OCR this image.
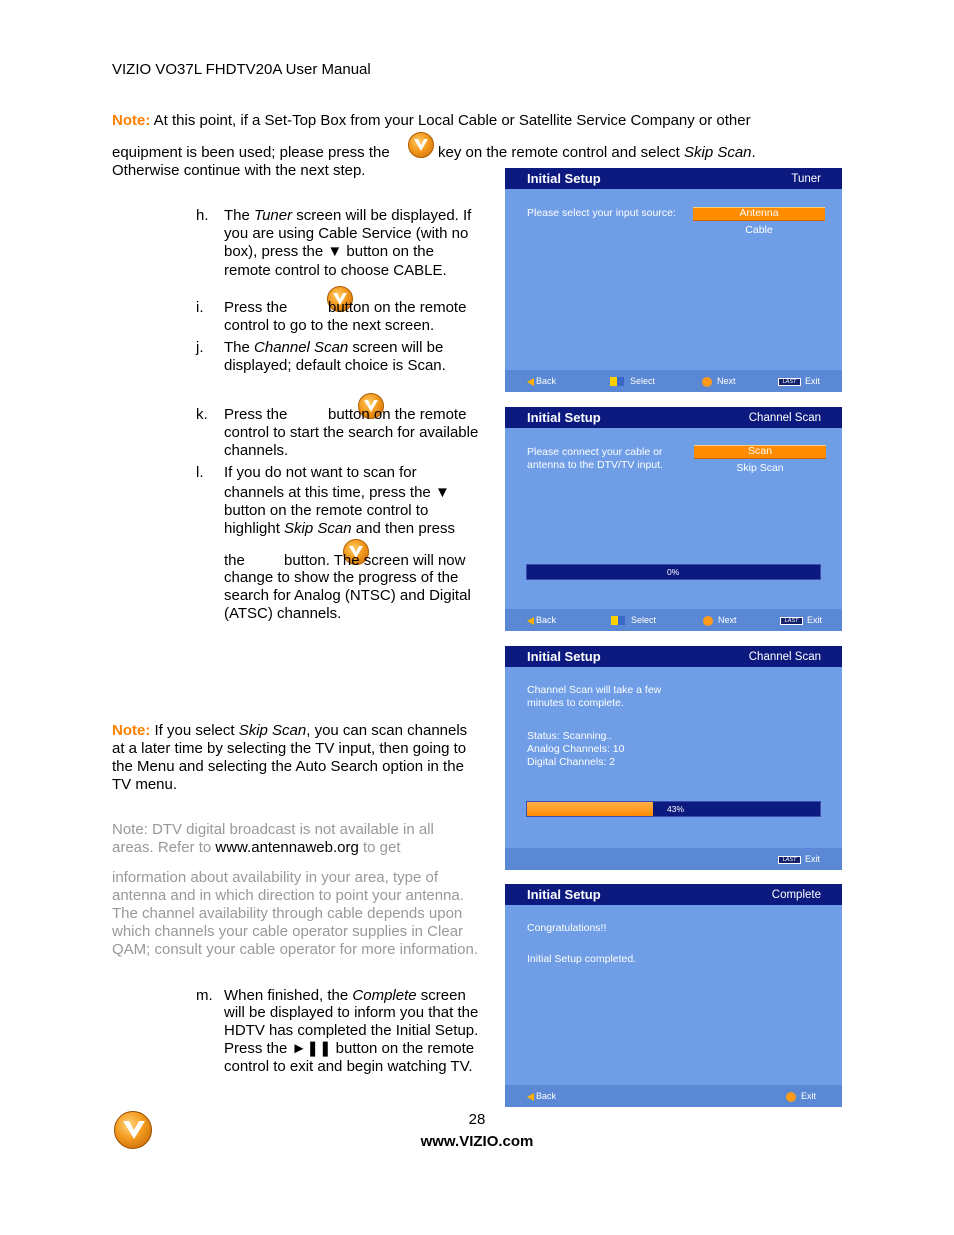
VIZIO VO37L FHDTV20A User Manual
Note: At this point, if a Set-Top Box from your Local Cable or Satellite Service Company or other
equipment is been used; please press the
	key on the remote control and select Skip Scan.
Otherwise continue with the next step.
h. The Tuner screen will be displayed. If
you are using Cable Service (with no
box), press the ▼ button on the
remote control to choose CABLE.
i. Press the
	button on the remote
control to go to the next screen.
j. The Channel Scan screen will be
displayed; default choice is Scan.
k. Press the
	button on the remote
control to start the search for available
channels.
l. If you do not want to scan for
channels at this time, press the ▼
button on the remote control to
highlight Skip Scan and then press
the	button. The screen will now
change to show the progress of the
search for Analog (NTSC) and Digital
(ATSC) channels.
Note: If you select Skip Scan, you can scan channels
at a later time by selecting the TV input, then going to
the Menu and selecting the Auto Search option in the
TV menu.
Note: DTV digital broadcast is not available in all
areas. Refer to www.antennaweb.org to get
information about availability in your area, type of
antenna and in which direction to point your antenna.
The channel availability through cable depends upon
which channels your cable operator supplies in Clear
QAM; consult your cable operator for more information.
m. When finished, the Complete screen
will be displayed to inform you that the
HDTV has completed the Initial Setup.
Press the ►❚❚ button on the remote
control to exit and begin watching TV.
Initial Setup	Tuner
Please select your input source:	Antenna
Cable
Back	Select	Next	LAST Exit
Initial Setup	Channel Scan
Please connect your cable or
antenna to the DTV/TV input.
Scan
Skip Scan
0%
Back	Select	Next	LAST Exit
Initial Setup	Channel Scan
Channel Scan will take a few
minutes to complete.
Status: Scanning..
Analog Channels: 10
Digital Channels: 2
43%
LAST Exit
Initial Setup	Complete
Congratulations!!
Initial Setup completed.
Back	Exit
28
www.VIZIO.com
